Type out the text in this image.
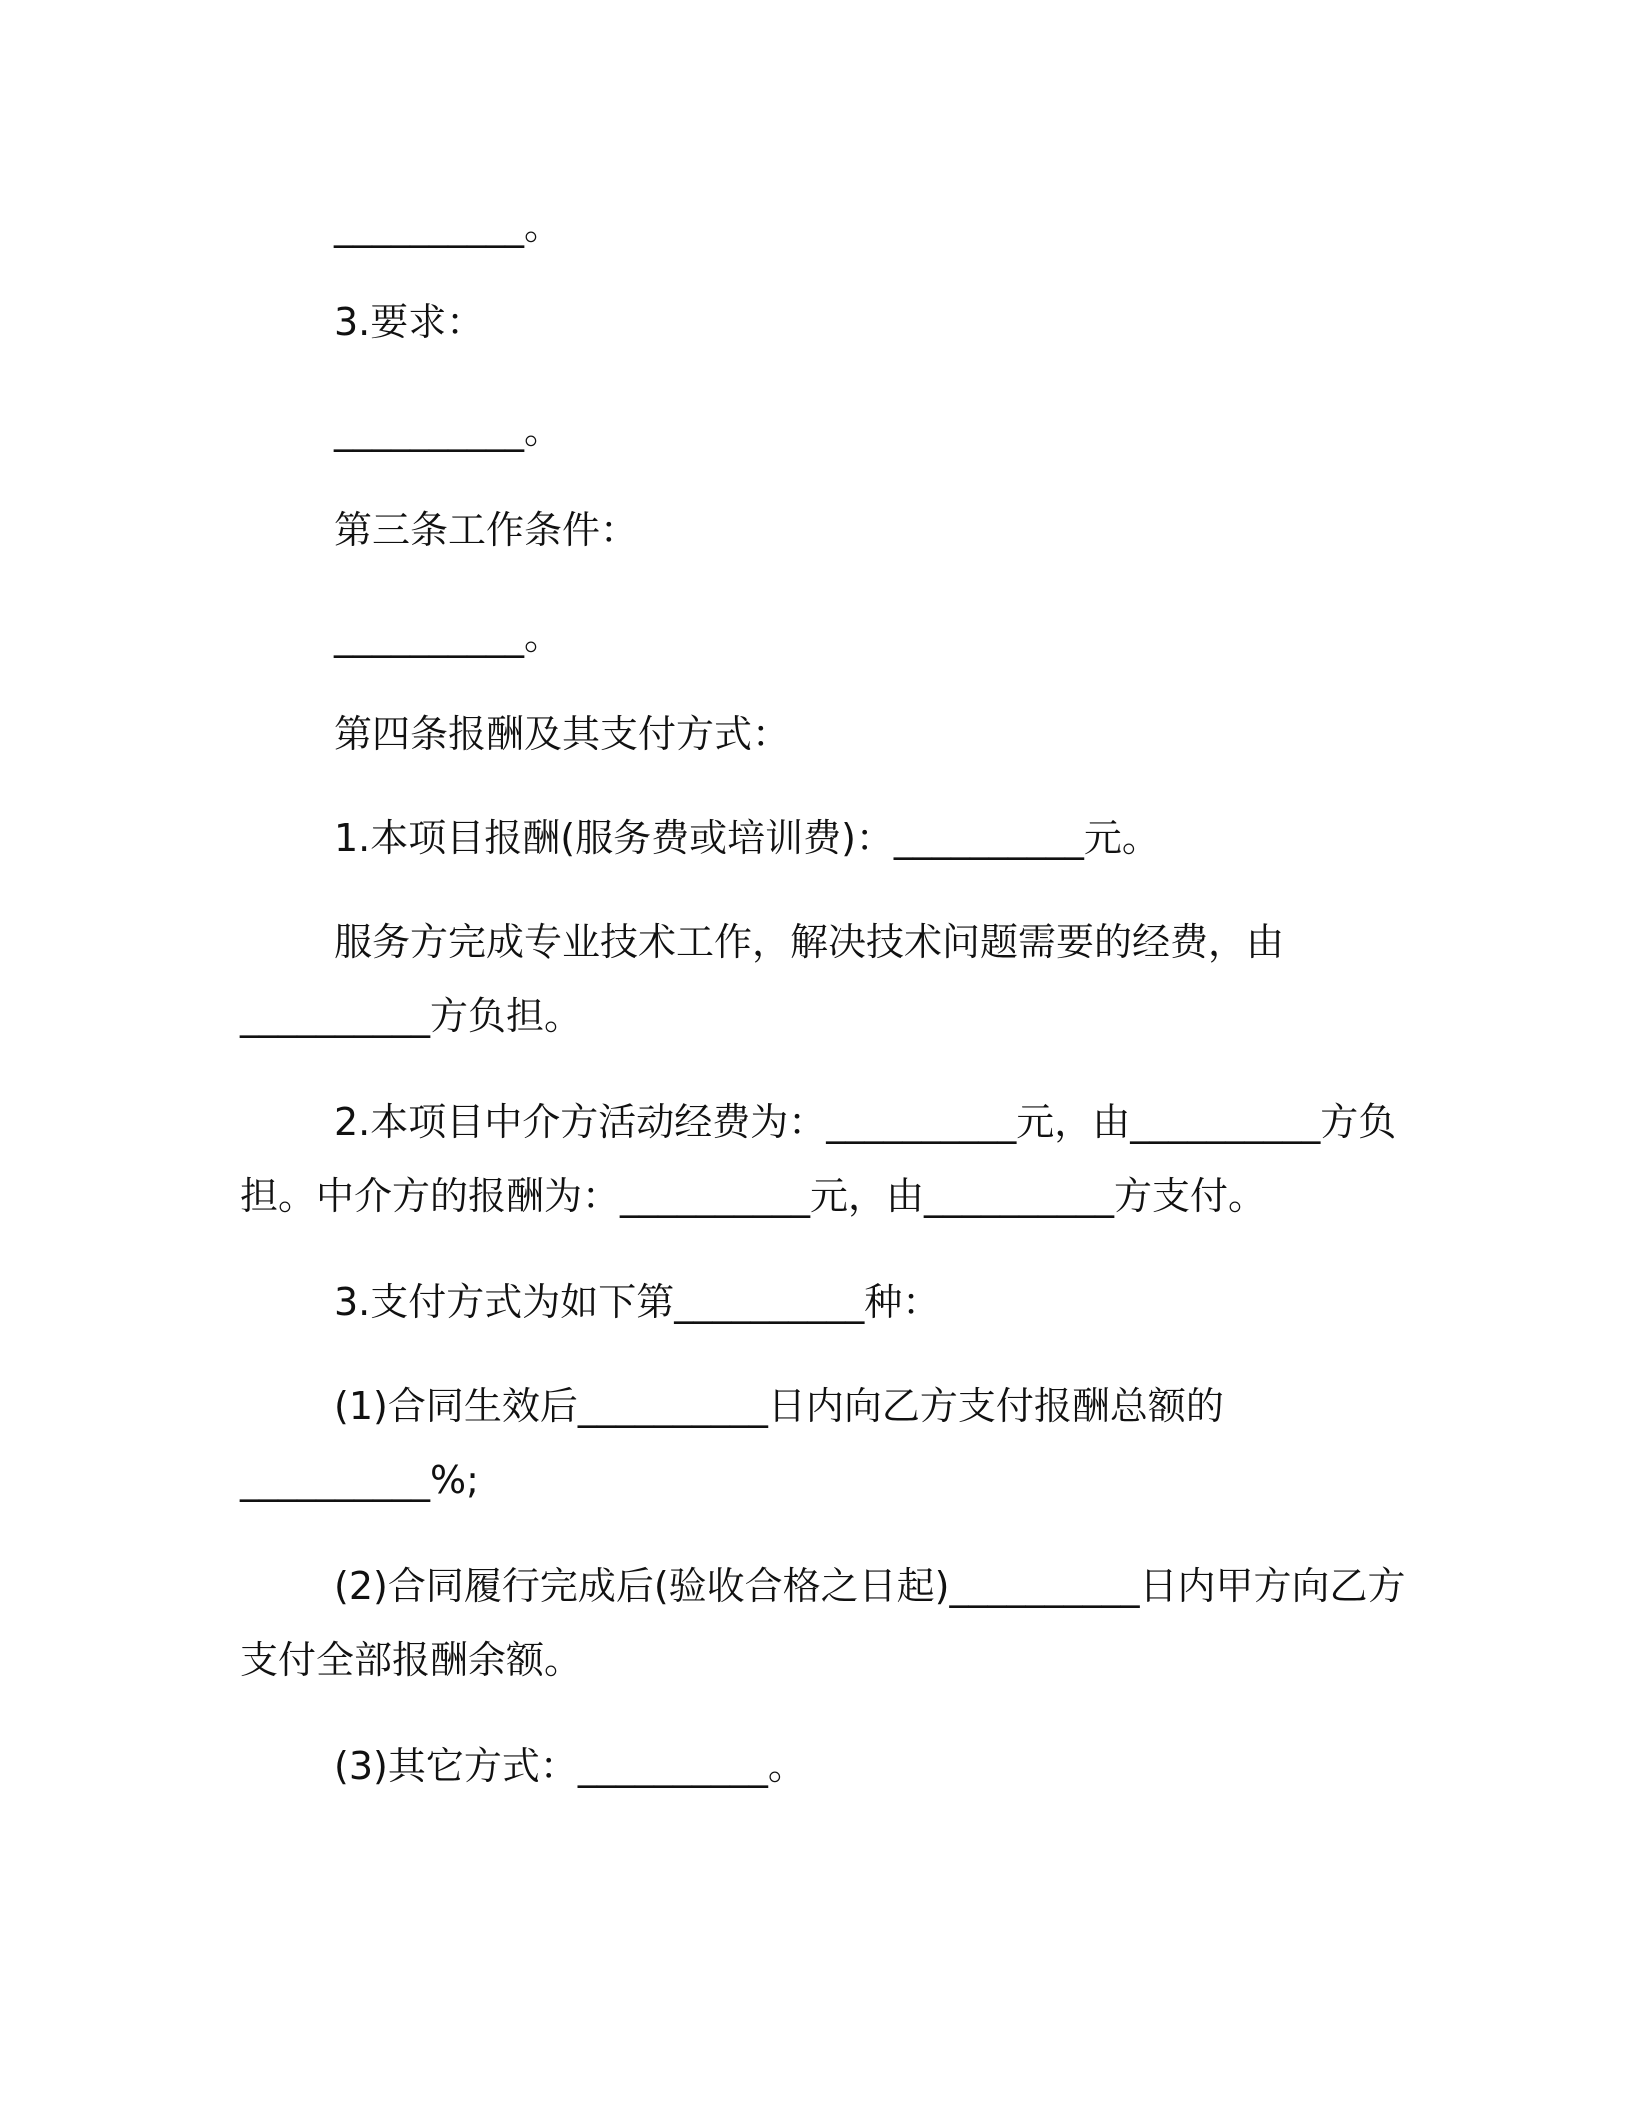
__________。
3.要求：
__________。
第三条工作条件：
__________。
第四条报酬及其支付方式：
1.本项目报酬(服务费或培训费)：__________元。
服务方完成专业技术工作，解决技术问题需要的经费，由
__________方负担。
2.本项目中介方活动经费为：__________元，由__________方负
担。中介方的报酬为：__________元，由__________方支付。
3.支付方式为如下第__________种：
(1)合同生效后__________日内向乙方支付报酬总额的
__________%;
(2)合同履行完成后(验收合格之日起)__________日内甲方向乙方
支付全部报酬余额。
(3)其它方式：__________。
